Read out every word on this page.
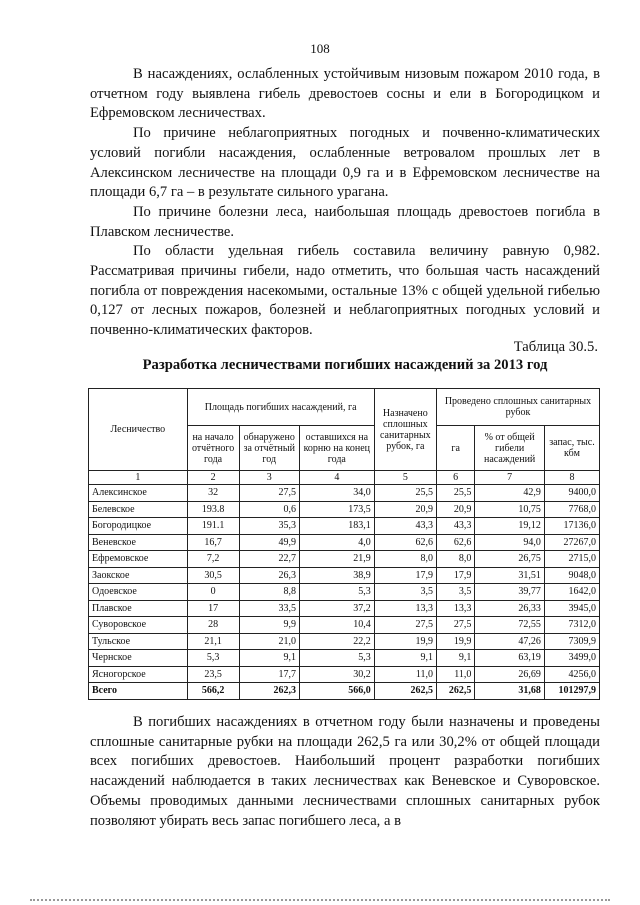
108

В насаждениях, ослабленных устойчивым низовым пожаром 2010 года, в отчетном году выявлена гибель древостоев сосны и ели в Богородицком и Ефремовском лесничествах.

По причине неблагоприятных погодных и почвенно-климатических условий погибли насаждения, ослабленные ветровалом прошлых лет в Алексинском лесничестве на площади 0,9 га и в Ефремовском лесничестве на площади 6,7 га – в результате сильного урагана.

По причине болезни леса, наибольшая площадь древостоев погибла в Плавском лесничестве.

По области удельная гибель составила величину равную 0,982. Рассматривая причины гибели, надо отметить, что большая часть насаждений погибла от повреждения насекомыми, остальные 13% с общей удельной гибелью 0,127 от лесных пожаров, болезней и неблагоприятных погодных условий и почвенно-климатических факторов.

Таблица 30.5.
Разработка лесничествами погибших насаждений за 2013 год
Лесничество	Площадь погибших насаждений, га			Назначено сплошных санитарных рубок, га	Проведено сплошных санитарных рубок		
	на начало отчётного года	обнаружено за отчётный год	оставшихся на корню на конец года		га	% от общей гибели насаждений	запас, тыс. кбм
1	2	3	4	5	6	7	8
Алексинское	32	27,5	34,0	25,5	25,5	42,9	9400,0
Белевское	193.8	0,6	173,5	20,9	20,9	10,75	7768,0
Богородицкое	191.1	35,3	183,1	43,3	43,3	19,12	17136,0
Веневское	16,7	49,9	4,0	62,6	62,6	94,0	27267,0
Ефремовское	7,2	22,7	21,9	8,0	8,0	26,75	2715,0
Заокское	30,5	26,3	38,9	17,9	17,9	31,51	9048,0
Одоевское	0	8,8	5,3	3,5	3,5	39,77	1642,0
Плавское	17	33,5	37,2	13,3	13,3	26,33	3945,0
Суворовское	28	9,9	10,4	27,5	27,5	72,55	7312,0
Тульское	21,1	21,0	22,2	19,9	19,9	47,26	7309,9
Чернское	5,3	9,1	5,3	9,1	9,1	63,19	3499,0
Ясногорское	23,5	17,7	30,2	11,0	11,0	26,69	4256,0
Всего	566,2	262,3	566,0	262,5	262,5	31,68	101297,9

В погибших насаждениях в отчетном году были назначены и проведены сплошные санитарные рубки на площади 262,5 га или 30,2% от общей площади всех погибших древостоев. Наибольший процент разработки погибших насаждений наблюдается в таких лесничествах как Веневское и Суворовское. Объемы проводимых данными лесничествами сплошных санитарных рубок позволяют убирать весь запас погибшего леса, а в
